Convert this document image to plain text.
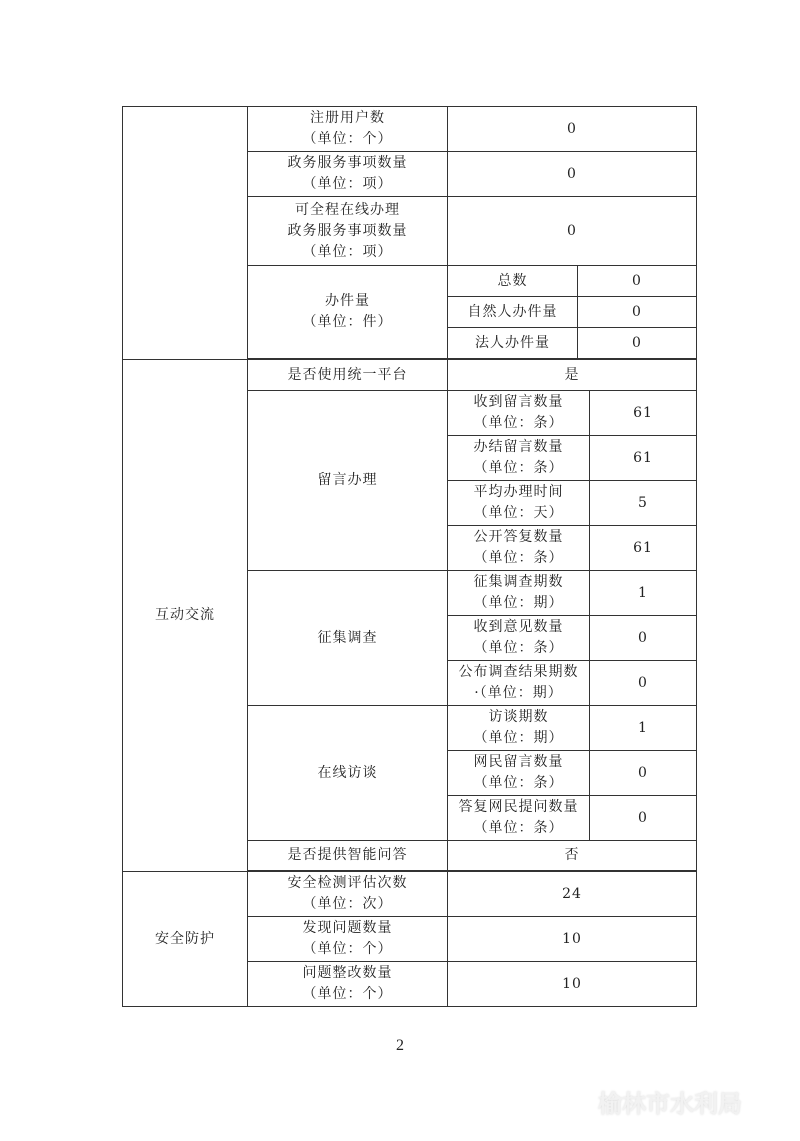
	注册用户数
（单位：个）	0		

	政务服务事项数量
（单位：项）	0		

	可全程在线办理
政务服务事项数量
（单位：项）	0		

	办件量
（单位：件）	总数	0	
		自然人办件量	0	
		法人办件量	0	

互动交流	是否使用统一平台	是		
	留言办理	收到留言数量
（单位：条）		61

		办结留言数量
（单位：条）		61

		平均办理时间
（单位：天）		5

		公开答复数量
（单位：条）		61
	征集调查	征集调查期数
（单位：期）		1

		收到意见数量
（单位：条）		0

		公布调查结果期数
·（单位：期）		0
	在线访谈	访谈期数
（单位：期）		1

		网民留言数量
（单位：条）		0

		答复网民提问数量
（单位：条）		0
	是否提供智能问答	否		

安全防护	安全检测评估次数
（单位：次）	24		

	发现问题数量
（单位：个）	10		

	问题整改数量
（单位：个）	10		
2
榆林市水利局
